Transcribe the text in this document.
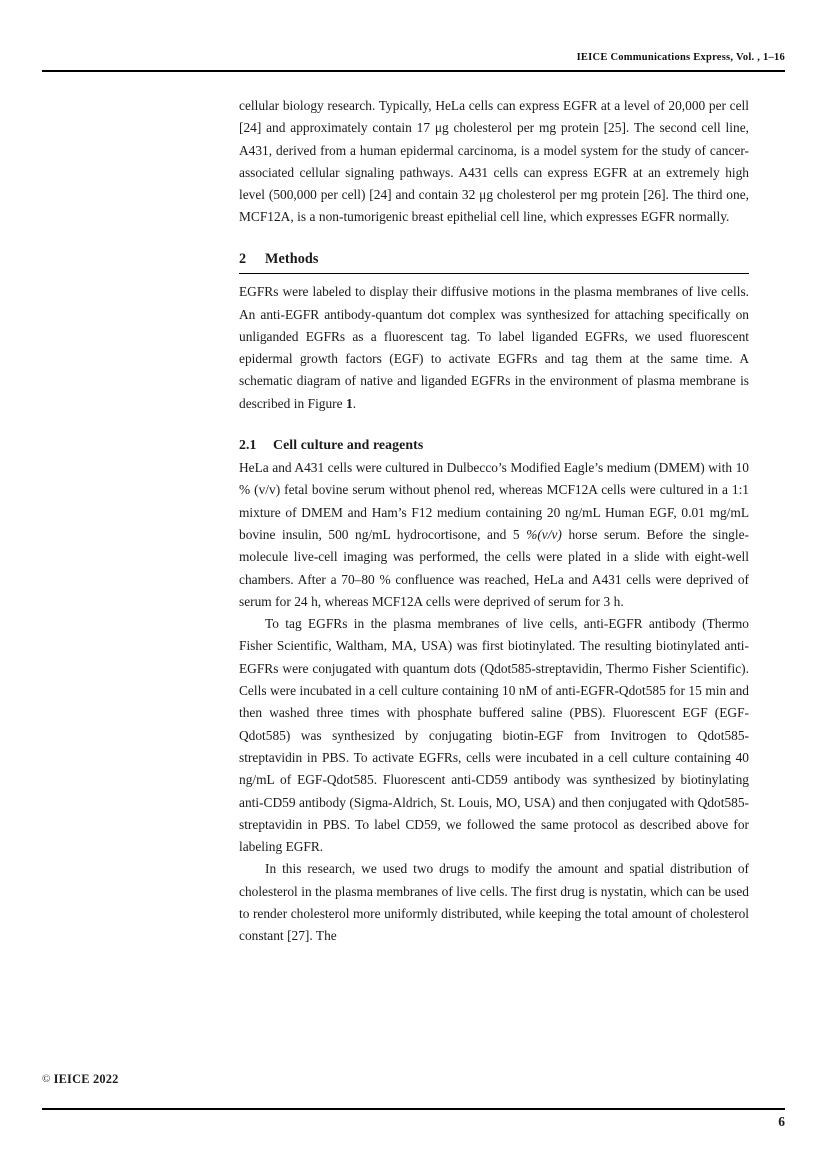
IEICE Communications Express, Vol. , 1–16

cellular biology research. Typically, HeLa cells can express EGFR at a level of 20,000 per cell [24] and approximately contain 17 μg cholesterol per mg protein [25]. The second cell line, A431, derived from a human epidermal carcinoma, is a model system for the study of cancer-associated cellular signaling pathways. A431 cells can express EGFR at an extremely high level (500,000 per cell) [24] and contain 32 μg cholesterol per mg protein [26]. The third one, MCF12A, is a non-tumorigenic breast epithelial cell line, which expresses EGFR normally.

2 Methods

EGFRs were labeled to display their diffusive motions in the plasma membranes of live cells. An anti-EGFR antibody-quantum dot complex was synthesized for attaching specifically on unliganded EGFRs as a fluorescent tag. To label liganded EGFRs, we used fluorescent epidermal growth factors (EGF) to activate EGFRs and tag them at the same time. A schematic diagram of native and liganded EGFRs in the environment of plasma membrane is described in Figure 1.

2.1 Cell culture and reagents

HeLa and A431 cells were cultured in Dulbecco’s Modified Eagle’s medium (DMEM) with 10 % (v/v) fetal bovine serum without phenol red, whereas MCF12A cells were cultured in a 1:1 mixture of DMEM and Ham’s F12 medium containing 20 ng/mL Human EGF, 0.01 mg/mL bovine insulin, 500 ng/mL hydrocortisone, and 5 %(v/v) horse serum. Before the single-molecule live-cell imaging was performed, the cells were plated in a slide with eight-well chambers. After a 70–80 % confluence was reached, HeLa and A431 cells were deprived of serum for 24 h, whereas MCF12A cells were deprived of serum for 3 h.

To tag EGFRs in the plasma membranes of live cells, anti-EGFR antibody (Thermo Fisher Scientific, Waltham, MA, USA) was first biotinylated. The resulting biotinylated anti-EGFRs were conjugated with quantum dots (Qdot585-streptavidin, Thermo Fisher Scientific). Cells were incubated in a cell culture containing 10 nM of anti-EGFR-Qdot585 for 15 min and then washed three times with phosphate buffered saline (PBS). Fluorescent EGF (EGF-Qdot585) was synthesized by conjugating biotin-EGF from Invitrogen to Qdot585-streptavidin in PBS. To activate EGFRs, cells were incubated in a cell culture containing 40 ng/mL of EGF-Qdot585. Fluorescent anti-CD59 antibody was synthesized by biotinylating anti-CD59 antibody (Sigma-Aldrich, St. Louis, MO, USA) and then conjugated with Qdot585-streptavidin in PBS. To label CD59, we followed the same protocol as described above for labeling EGFR.

In this research, we used two drugs to modify the amount and spatial distribution of cholesterol in the plasma membranes of live cells. The first drug is nystatin, which can be used to render cholesterol more uniformly distributed, while keeping the total amount of cholesterol constant [27]. The

© IEICE 2022
6
